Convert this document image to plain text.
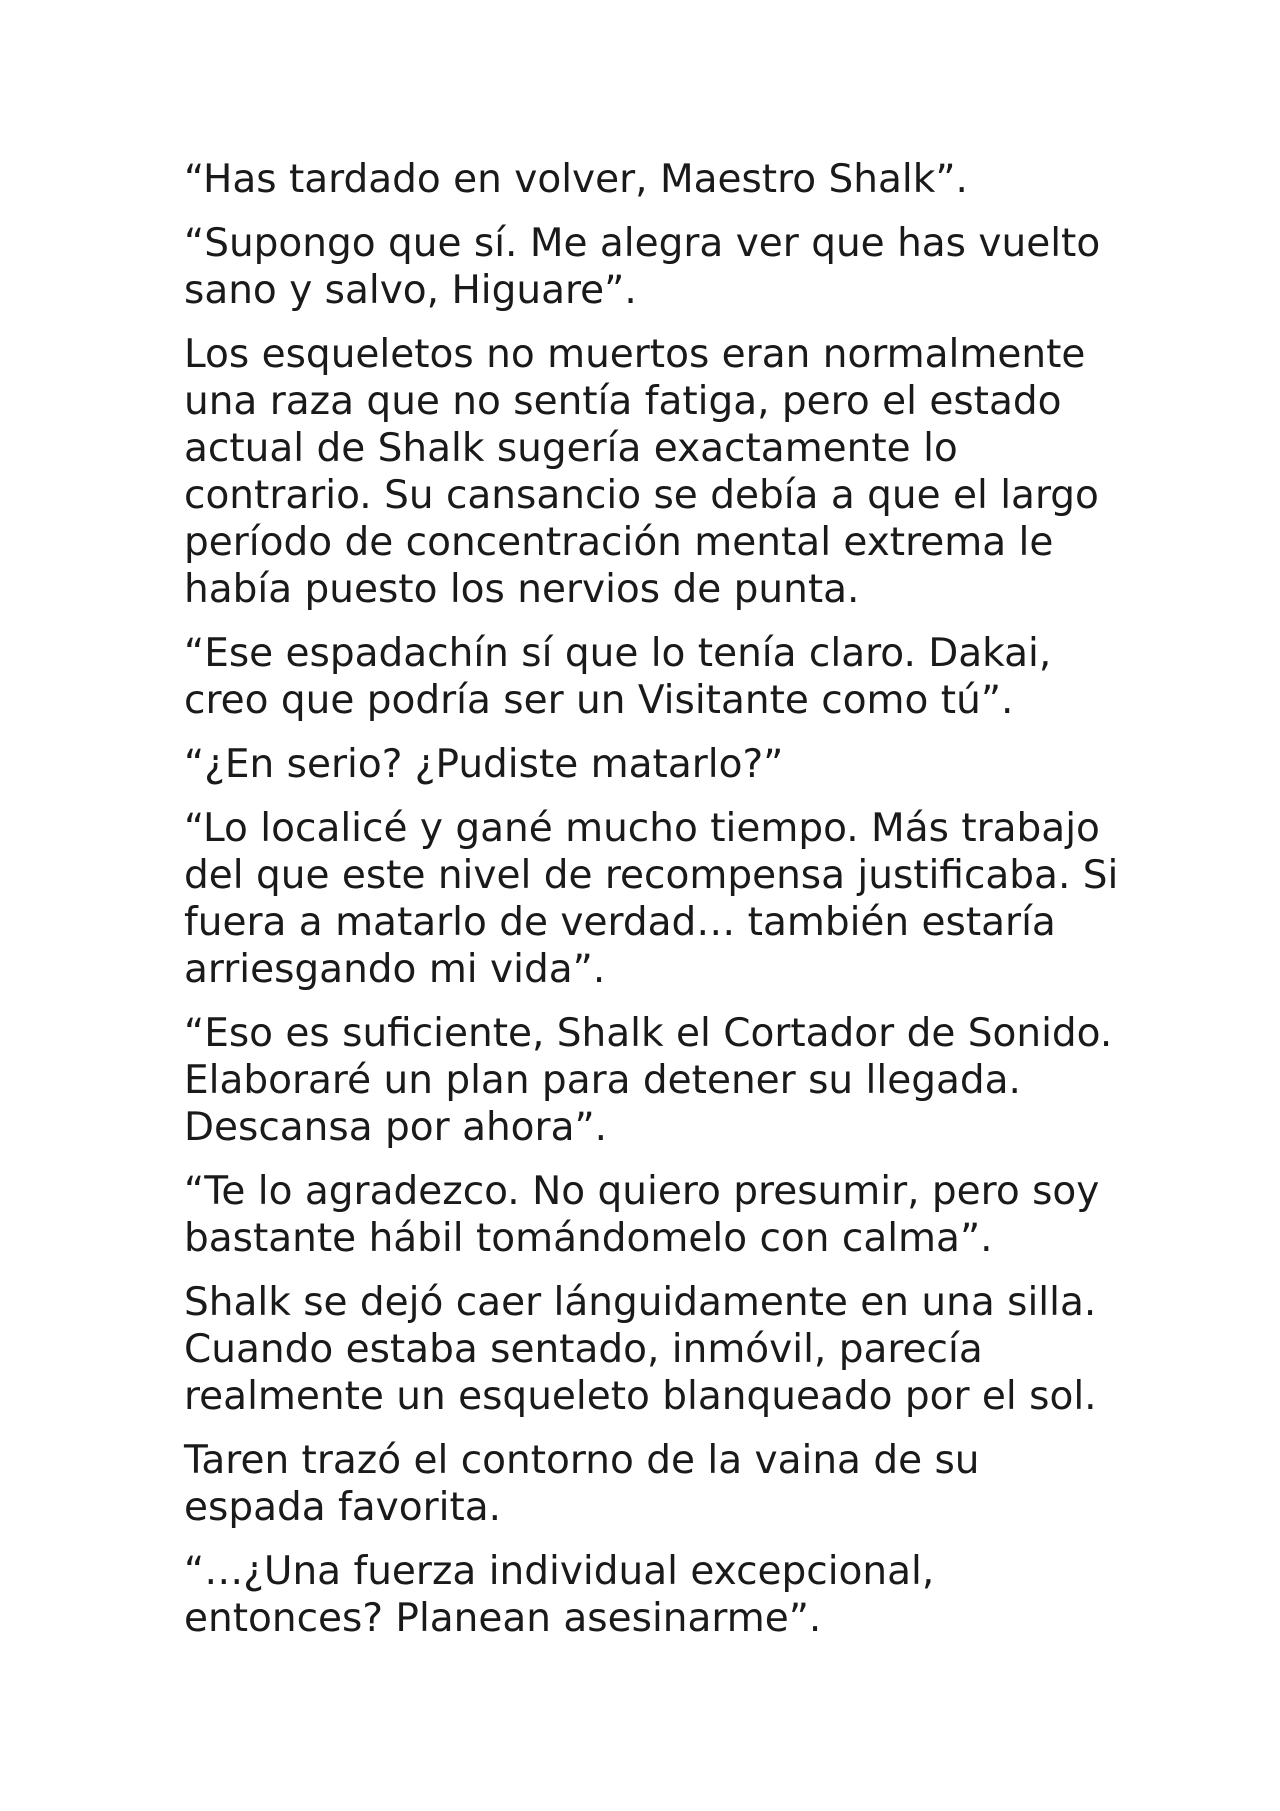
“Has tardado en volver, Maestro Shalk”.

“Supongo que sí. Me alegra ver que has vuelto sano y salvo, Higuare”.

Los esqueletos no muertos eran normalmente una raza que no sentía fatiga, pero el estado actual de Shalk sugería exactamente lo contrario. Su cansancio se debía a que el largo período de concentración mental extrema le había puesto los nervios de punta.

“Ese espadachín sí que lo tenía claro. Dakai, creo que podría ser un Visitante como tú”.

“¿En serio? ¿Pudiste matarlo?”

“Lo localicé y gané mucho tiempo. Más trabajo del que este nivel de recompensa justificaba. Si fuera a matarlo de verdad… también estaría arriesgando mi vida”.

“Eso es suficiente, Shalk el Cortador de Sonido. Elaboraré un plan para detener su llegada. Descansa por ahora”.

“Te lo agradezco. No quiero presumir, pero soy bastante hábil tomándomelo con calma”.

Shalk se dejó caer lánguidamente en una silla. Cuando estaba sentado, inmóvil, parecía realmente un esqueleto blanqueado por el sol.

Taren trazó el contorno de la vaina de su espada favorita.

“…¿Una fuerza individual excepcional, entonces? Planean asesinarme”.
